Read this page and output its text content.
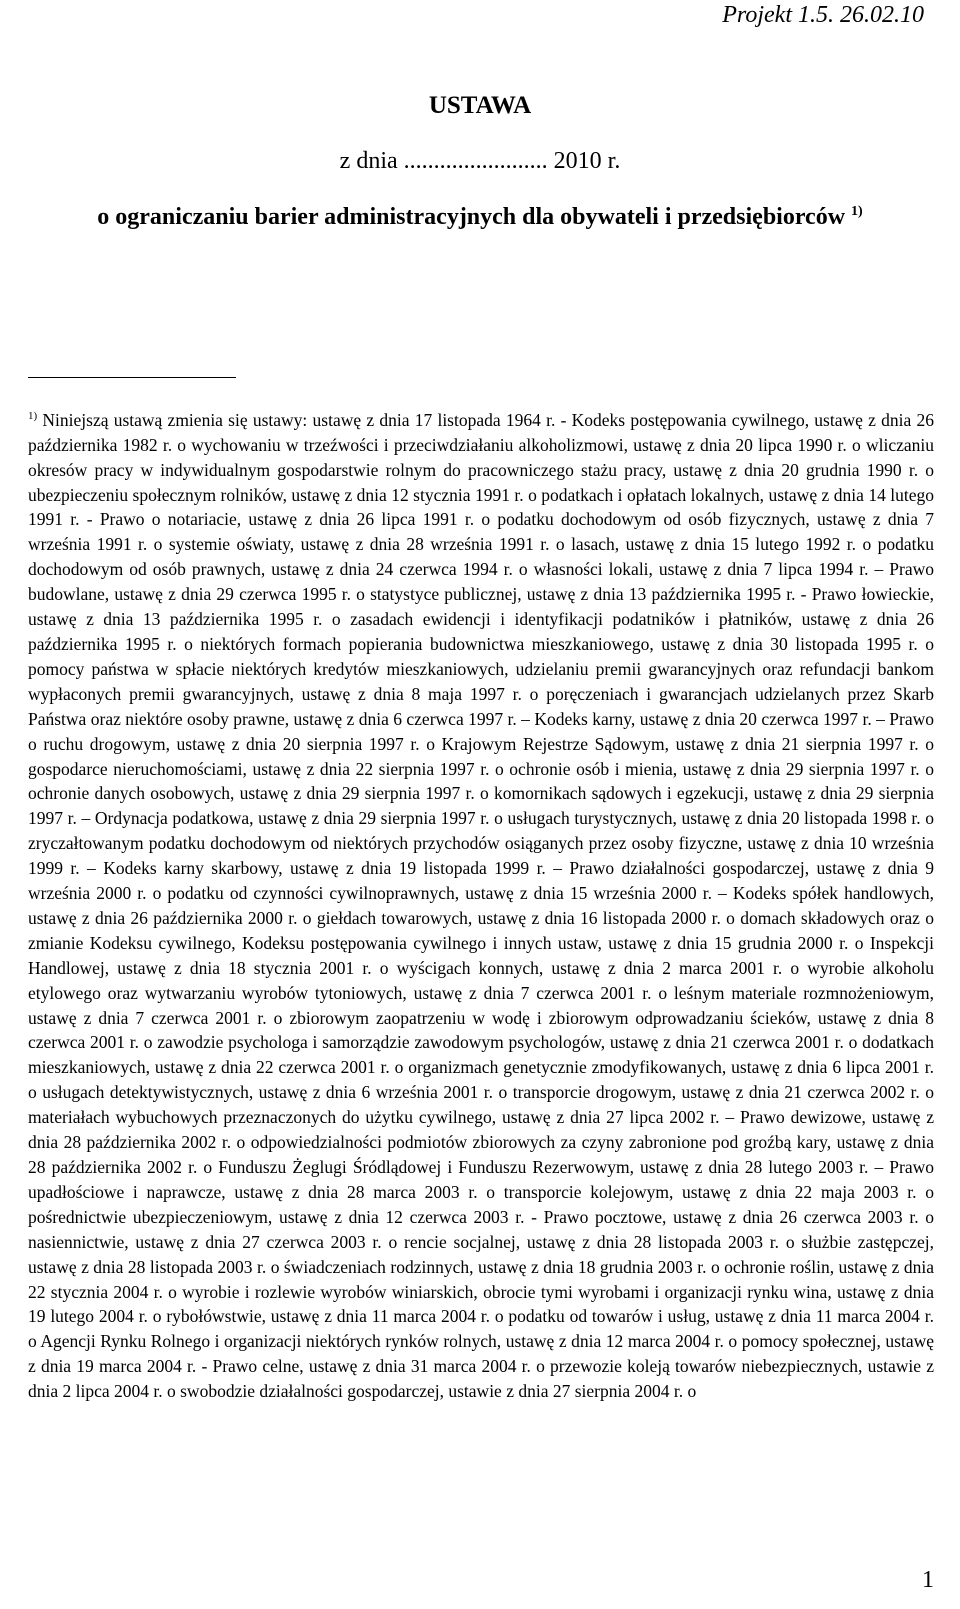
Projekt 1.5. 26.02.10
USTAWA
z dnia ........................ 2010 r.
o ograniczaniu barier administracyjnych dla obywateli i przedsiębiorców $^{1)}$
$^{1)}$ Niniejszą ustawą zmienia się ustawy: ustawę z dnia 17 listopada 1964 r. - Kodeks postępowania cywilnego, ustawę z dnia 26 października 1982 r. o wychowaniu w trzeźwości i przeciwdziałaniu alkoholizmowi, ustawę z dnia 20 lipca 1990 r. o wliczaniu okresów pracy w indywidualnym gospodarstwie rolnym do pracowniczego stażu pracy, ustawę z dnia 20 grudnia 1990 r. o ubezpieczeniu społecznym rolników, ustawę z dnia 12 stycznia 1991 r. o podatkach i opłatach lokalnych, ustawę z dnia 14 lutego 1991 r. - Prawo o notariacie, ustawę z dnia 26 lipca 1991 r. o podatku dochodowym od osób fizycznych, ustawę z dnia 7 września 1991 r. o systemie oświaty, ustawę z dnia 28 września 1991 r. o lasach, ustawę z dnia 15 lutego 1992 r. o podatku dochodowym od osób prawnych, ustawę z dnia 24 czerwca 1994 r. o własności lokali, ustawę z dnia 7 lipca 1994 r. – Prawo budowlane, ustawę z dnia 29 czerwca 1995 r. o statystyce publicznej, ustawę z dnia 13 października 1995 r. - Prawo łowieckie, ustawę z dnia 13 października 1995 r. o zasadach ewidencji i identyfikacji podatników i płatników, ustawę z dnia 26 października 1995 r. o niektórych formach popierania budownictwa mieszkaniowego, ustawę z dnia 30 listopada 1995 r. o pomocy państwa w spłacie niektórych kredytów mieszkaniowych, udzielaniu premii gwarancyjnych oraz refundacji bankom wypłaconych premii gwarancyjnych, ustawę z dnia 8 maja 1997 r. o poręczeniach i gwarancjach udzielanych przez Skarb Państwa oraz niektóre osoby prawne, ustawę z dnia 6 czerwca 1997 r. – Kodeks karny, ustawę z dnia 20 czerwca 1997 r. – Prawo o ruchu drogowym, ustawę z dnia 20 sierpnia 1997 r. o Krajowym Rejestrze Sądowym, ustawę z dnia 21 sierpnia 1997 r. o gospodarce nieruchomościami, ustawę z dnia 22 sierpnia 1997 r. o ochronie osób i mienia, ustawę z dnia 29 sierpnia 1997 r. o ochronie danych osobowych, ustawę z dnia 29 sierpnia 1997 r. o komornikach sądowych i egzekucji, ustawę z dnia 29 sierpnia 1997 r. – Ordynacja podatkowa, ustawę z dnia 29 sierpnia 1997 r. o usługach turystycznych, ustawę z dnia 20 listopada 1998 r. o zryczałtowanym podatku dochodowym od niektórych przychodów osiąganych przez osoby fizyczne, ustawę z dnia 10 września 1999 r. – Kodeks karny skarbowy, ustawę z dnia 19 listopada 1999 r. – Prawo działalności gospodarczej, ustawę z dnia 9 września 2000 r. o podatku od czynności cywilnoprawnych, ustawę z dnia 15 września 2000 r. – Kodeks spółek handlowych, ustawę z dnia 26 października 2000 r. o giełdach towarowych, ustawę z dnia 16 listopada 2000 r. o domach składowych oraz o zmianie Kodeksu cywilnego, Kodeksu postępowania cywilnego i innych ustaw, ustawę z dnia 15 grudnia 2000 r. o Inspekcji Handlowej, ustawę z dnia 18 stycznia 2001 r. o wyścigach konnych, ustawę z dnia 2 marca 2001 r. o wyrobie alkoholu etylowego oraz wytwarzaniu wyrobów tytoniowych, ustawę z dnia 7 czerwca 2001 r. o leśnym materiale rozmnożeniowym, ustawę z dnia 7 czerwca 2001 r. o zbiorowym zaopatrzeniu w wodę i zbiorowym odprowadzaniu ścieków, ustawę z dnia 8 czerwca 2001 r. o zawodzie psychologa i samorządzie zawodowym psychologów, ustawę z dnia 21 czerwca 2001 r. o dodatkach mieszkaniowych, ustawę z dnia 22 czerwca 2001 r. o organizmach genetycznie zmodyfikowanych, ustawę z dnia 6 lipca 2001 r. o usługach detektywistycznych, ustawę z dnia 6 września 2001 r. o transporcie drogowym, ustawę z dnia 21 czerwca 2002 r. o materiałach wybuchowych przeznaczonych do użytku cywilnego, ustawę z dnia 27 lipca 2002 r. – Prawo dewizowe, ustawę z dnia 28 października 2002 r. o odpowiedzialności podmiotów zbiorowych za czyny zabronione pod groźbą kary, ustawę z dnia 28 października 2002 r. o Funduszu Żeglugi Śródlądowej i Funduszu Rezerwowym, ustawę z dnia 28 lutego 2003 r. – Prawo upadłościowe i naprawcze, ustawę z dnia 28 marca 2003 r. o transporcie kolejowym, ustawę z dnia 22 maja 2003 r. o pośrednictwie ubezpieczeniowym, ustawę z dnia 12 czerwca 2003 r. - Prawo pocztowe, ustawę z dnia 26 czerwca 2003 r. o nasiennictwie, ustawę z dnia 27 czerwca 2003 r. o rencie socjalnej, ustawę z dnia 28 listopada 2003 r. o służbie zastępczej, ustawę z dnia 28 listopada 2003 r. o świadczeniach rodzinnych, ustawę z dnia 18 grudnia 2003 r. o ochronie roślin, ustawę z dnia 22 stycznia 2004 r. o wyrobie i rozlewie wyrobów winiarskich, obrocie tymi wyrobami i organizacji rynku wina, ustawę z dnia 19 lutego 2004 r. o rybołówstwie, ustawę z dnia 11 marca 2004 r. o podatku od towarów i usług, ustawę z dnia 11 marca 2004 r. o Agencji Rynku Rolnego i organizacji niektórych rynków rolnych, ustawę z dnia 12 marca 2004 r. o pomocy społecznej, ustawę z dnia 19 marca 2004 r. - Prawo celne, ustawę z dnia 31 marca 2004 r. o przewozie koleją towarów niebezpiecznych, ustawie z dnia 2 lipca 2004 r. o swobodzie działalności gospodarczej, ustawie z dnia 27 sierpnia 2004 r. o
1
